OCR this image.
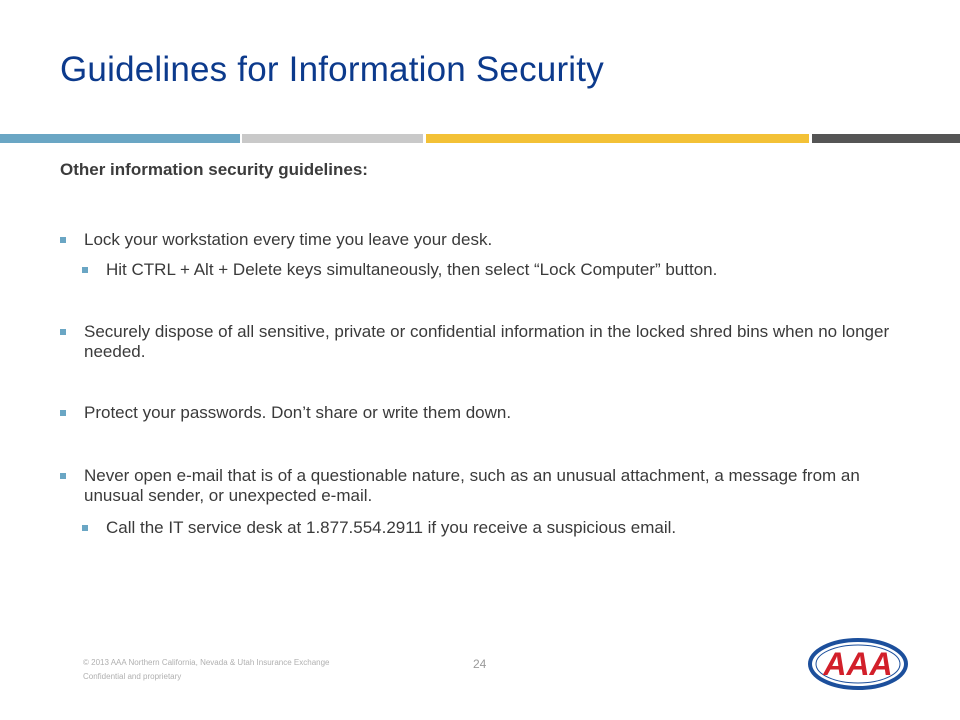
Guidelines for Information Security
Other information security guidelines:
Lock your workstation every time you leave your desk.
Hit CTRL + Alt + Delete keys simultaneously, then select “Lock Computer” button.
Securely dispose of all sensitive, private or confidential information in the locked shred bins when no longer needed.
Protect your passwords. Don’t share or write them down.
Never open e-mail that is of a questionable nature, such as an unusual attachment, a message from an unusual sender, or unexpected e-mail.
Call the IT service desk at 1.877.554.2911 if you receive a suspicious email.
© 2013 AAA Northern California, Nevada & Utah Insurance Exchange
Confidential and proprietary
24	AAA
